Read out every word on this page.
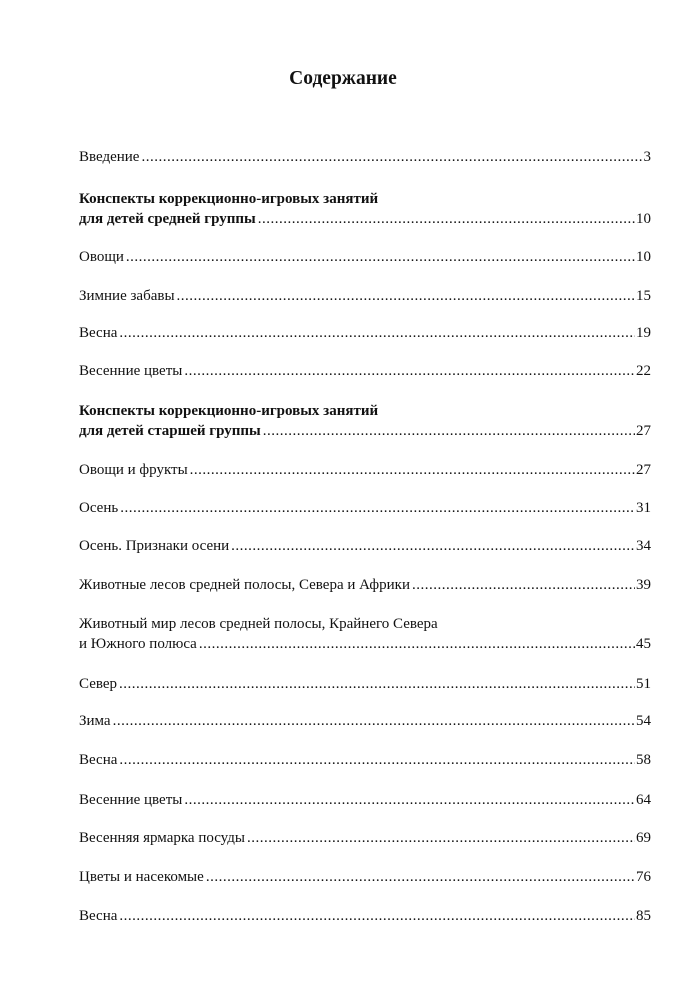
Содержание
Введение .....	3
Конспекты коррекционно-игровых занятий
для детей средней группы .....	10
Овощи .....	10
Зимние забавы .....	15
Весна .....	19
Весенние цветы .....	22
Конспекты коррекционно-игровых занятий
для детей старшей группы .....	27
Овощи и фрукты .....	27
Осень .....	31
Осень. Признаки осени .....	34
Животные лесов средней полосы, Севера и Африки .....	39
Животный мир лесов средней полосы, Крайнего Севера
и Южного полюса .....	45
Север .....	51
Зима .....	54
Весна .....	58
Весенние цветы .....	64
Весенняя ярмарка посуды .....	69
Цветы и насекомые .....	76
Весна .....	85
